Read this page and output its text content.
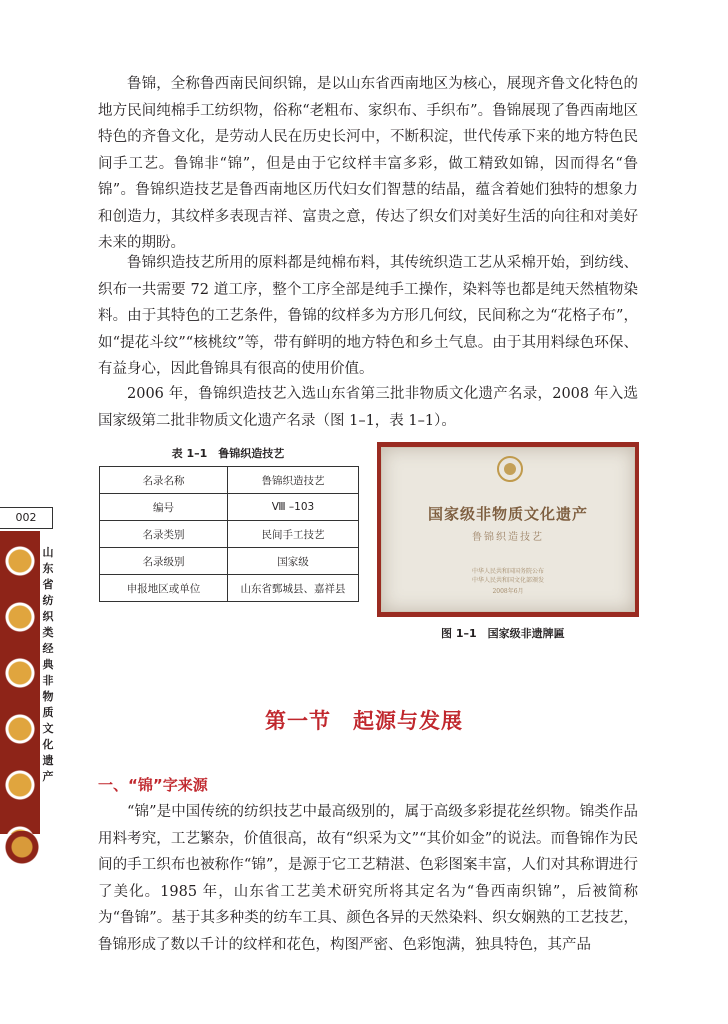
鲁锦，全称鲁西南民间织锦，是以山东省西南地区为核心，展现齐鲁文化特色的地方民间纯棉手工纺织物，俗称“老粗布、家织布、手织布”。鲁锦展现了鲁西南地区特色的齐鲁文化，是劳动人民在历史长河中，不断积淀，世代传承下来的地方特色民间手工艺。鲁锦非“锦”，但是由于它纹样丰富多彩，做工精致如锦，因而得名“鲁锦”。鲁锦织造技艺是鲁西南地区历代妇女们智慧的结晶，蕴含着她们独特的想象力和创造力，其纹样多表现吉祥、富贵之意，传达了织女们对美好生活的向往和对美好未来的期盼。

鲁锦织造技艺所用的原料都是纯棉布料，其传统织造工艺从采棉开始，到纺线、织布一共需要 72 道工序，整个工序全部是纯手工操作，染料等也都是纯天然植物染料。由于其特色的工艺条件，鲁锦的纹样多为方形几何纹，民间称之为“花格子布”，如“提花斗纹”“核桃纹”等，带有鲜明的地方特色和乡土气息。由于其用料绿色环保、有益身心，因此鲁锦具有很高的使用价值。

2006 年，鲁锦织造技艺入选山东省第三批非物质文化遗产名录，2008 年入选国家级第二批非物质文化遗产名录（图 1–1，表 1–1）。

表 1–1　鲁锦织造技艺
名录名称	鲁锦织造技艺
编号	Ⅷ –103
名录类别	民间手工技艺
名录级别	国家级
申报地区或单位	山东省鄄城县、嘉祥县
国家级非物质文化遗产
鲁锦织造技艺
中华人民共和国国务院公布
中华人民共和国文化部颁发
2008年6月
图 1–1　国家级非遗牌匾
第一节　起源与发展
一、“锦”字来源

“锦”是中国传统的纺织技艺中最高级别的，属于高级多彩提花丝织物。锦类作品用料考究，工艺繁杂，价值很高，故有“织采为文”“其价如金”的说法。而鲁锦作为民间的手工织布也被称作“锦”，是源于它工艺精湛、色彩图案丰富，人们对其称谓进行了美化。1985 年，山东省工艺美术研究所将其定名为“鲁西南织锦”，后被简称为“鲁锦”。基于其多种类的纺车工具、颜色各异的天然染料、织女娴熟的工艺技艺，鲁锦形成了数以千计的纹样和花色，构图严密、色彩饱满，独具特色，其产品

002
山东省纺织类经典非物质文化遗产
